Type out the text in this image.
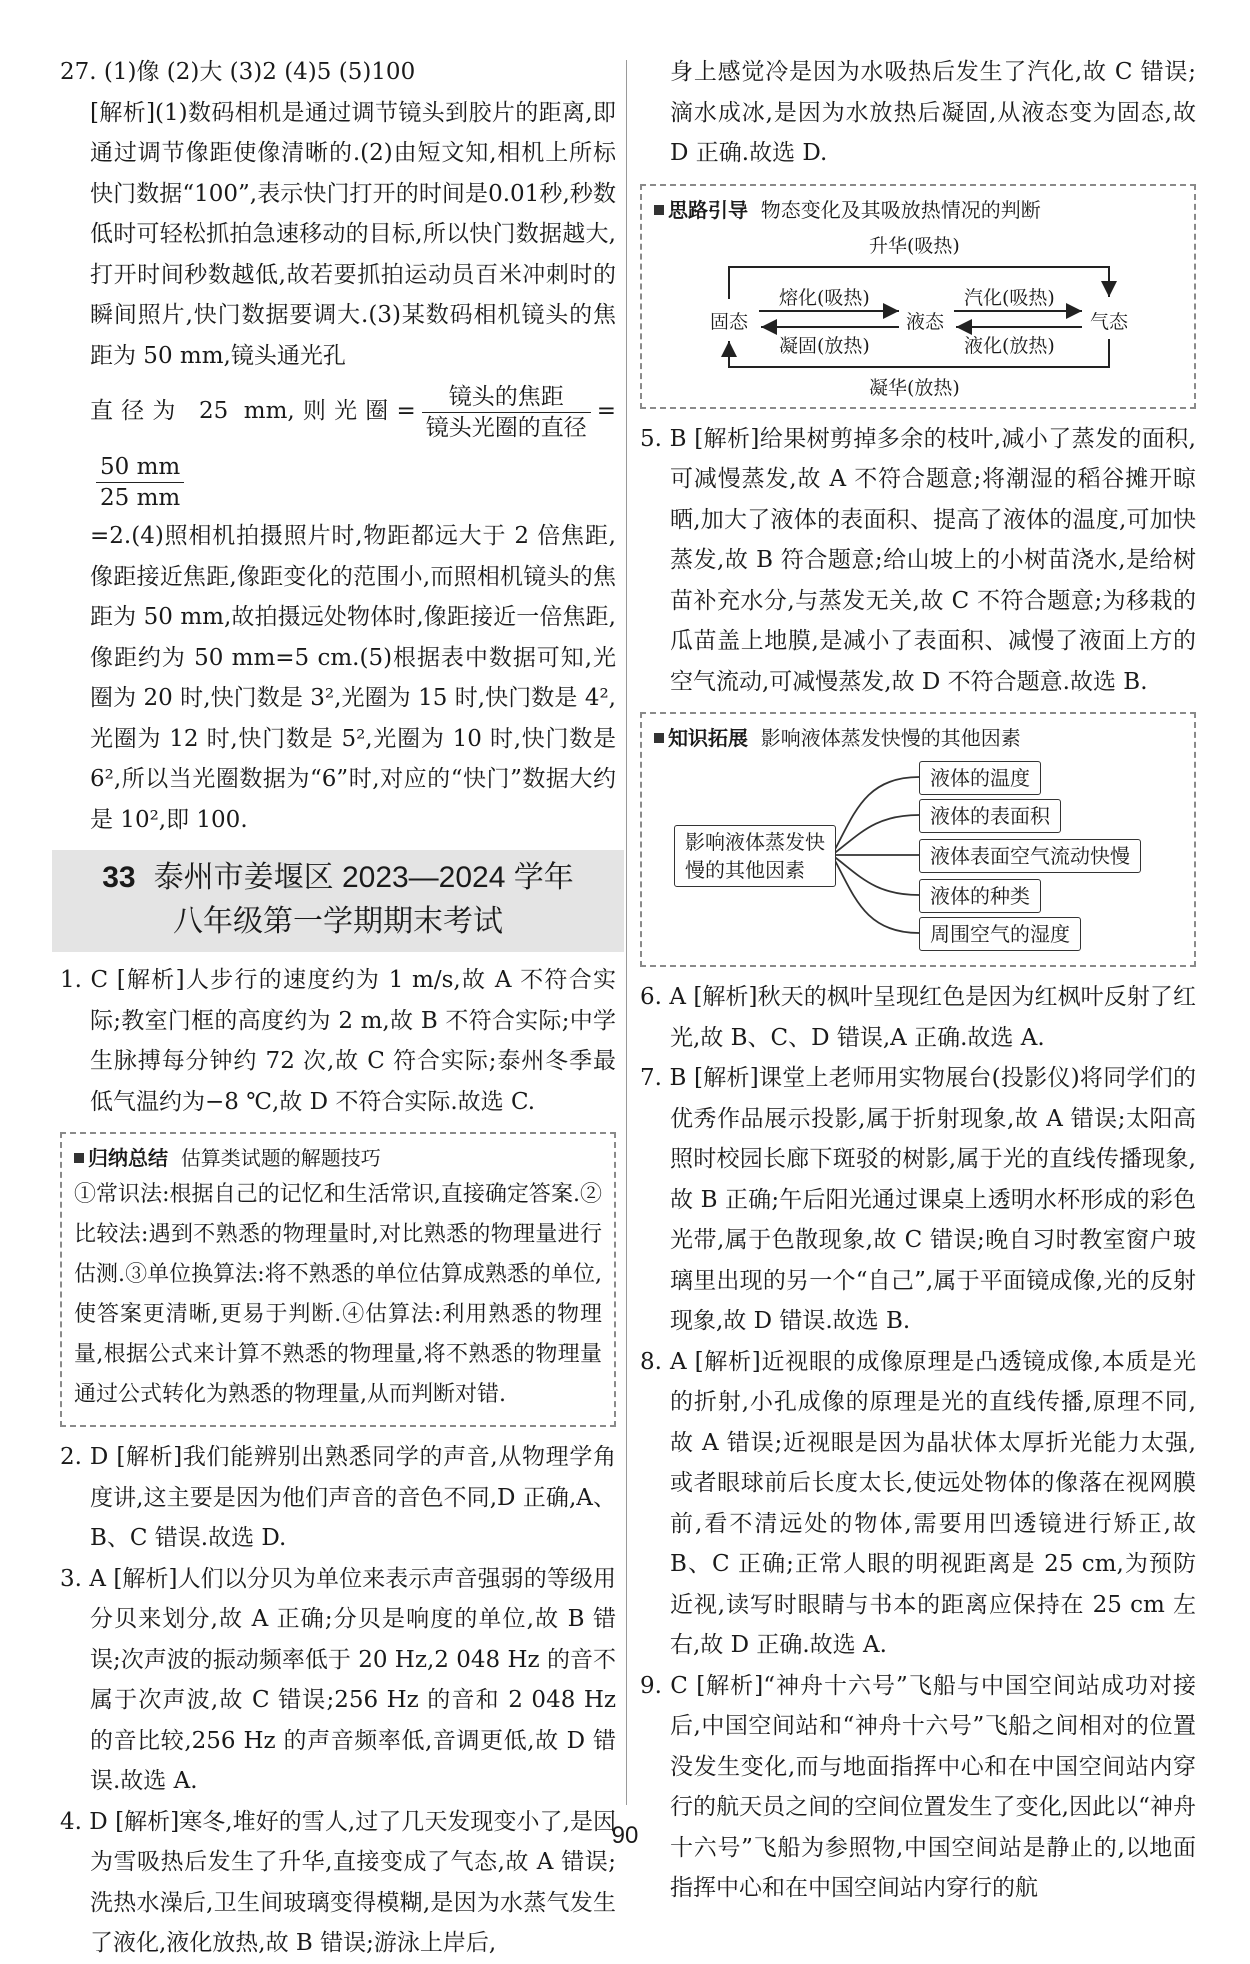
27. (1)像 (2)大 (3)2 (4)5 (5)100

[解析](1)数码相机是通过调节镜头到胶片的距离,即通过调节像距使像清晰的.(2)由短文知,相机上所标快门数据“100”,表示快门打开的时间是0.01秒,秒数低时可轻松抓拍急速移动的目标,所以快门数据越大,打开时间秒数越低,故若要抓拍运动员百米冲刺时的瞬间照片,快门数据要调大.(3)某数码相机镜头的焦距为 50 mm,镜头通光孔

直径为 25 mm,则光圈= $\frac{\text{镜头的焦距}}{\text{镜头光圈的直径}}$ =
$\frac{50 mm}{25 mm}$

=2.(4)照相机拍摄照片时,物距都远大于 2 倍焦距,像距接近焦距,像距变化的范围小,而照相机镜头的焦距为 50 mm,故拍摄远处物体时,像距接近一倍焦距,像距约为 50 mm=5 cm.(5)根据表中数据可知,光圈为 20 时,快门数是 3²,光圈为 15 时,快门数是 4²,光圈为 12 时,快门数是 5²,光圈为 10 时,快门数是 6²,所以当光圈数据为“6”时,对应的“快门”数据大约是 10²,即 100.

33 泰州市姜堰区 2023—2024 学年
八年级第一学期期末考试

1. C [解析]人步行的速度约为 1 m/s,故 A 不符合实际;教室门框的高度约为 2 m,故 B 不符合实际;中学生脉搏每分钟约 72 次,故 C 符合实际;泰州冬季最低气温约为−8 ℃,故 D 不符合实际.故选 C.

归纳总结 估算类试题的解题技巧

①常识法:根据自己的记忆和生活常识,直接确定答案.②比较法:遇到不熟悉的物理量时,对比熟悉的物理量进行估测.③单位换算法:将不熟悉的单位估算成熟悉的单位,使答案更清晰,更易于判断.④估算法:利用熟悉的物理量,根据公式来计算不熟悉的物理量,将不熟悉的物理量通过公式转化为熟悉的物理量,从而判断对错.

2. D [解析]我们能辨别出熟悉同学的声音,从物理学角度讲,这主要是因为他们声音的音色不同,D 正确,A、B、C 错误.故选 D.

3. A [解析]人们以分贝为单位来表示声音强弱的等级用分贝来划分,故 A 正确;分贝是响度的单位,故 B 错误;次声波的振动频率低于 20 Hz,2 048 Hz 的音不属于次声波,故 C 错误;256 Hz 的音和 2 048 Hz 的音比较,256 Hz 的声音频率低,音调更低,故 D 错误.故选 A.

4. D [解析]寒冬,堆好的雪人,过了几天发现变小了,是因为雪吸热后发生了升华,直接变成了气态,故 A 错误;洗热水澡后,卫生间玻璃变得模糊,是因为水蒸气发生了液化,液化放热,故 B 错误;游泳上岸后,

身上感觉冷是因为水吸热后发生了汽化,故 C 错误;滴水成冰,是因为水放热后凝固,从液态变为固态,故 D 正确.故选 D.

思路引导 物态变化及其吸放热情况的判断
升华(吸热)
凝华(放热)
固态	液态	气态
熔化(吸热)
凝固(放热)
汽化(吸热)
液化(放热)

5. B [解析]给果树剪掉多余的枝叶,减小了蒸发的面积,可减慢蒸发,故 A 不符合题意;将潮湿的稻谷摊开晾晒,加大了液体的表面积、提高了液体的温度,可加快蒸发,故 B 符合题意;给山坡上的小树苗浇水,是给树苗补充水分,与蒸发无关,故 C 不符合题意;为移栽的瓜苗盖上地膜,是减小了表面积、减慢了液面上方的空气流动,可减慢蒸发,故 D 不符合题意.故选 B.

知识拓展 影响液体蒸发快慢的其他因素
影响液体蒸发快
慢的其他因素
液体的温度
液体的表面积
液体表面空气流动快慢
液体的种类
周围空气的湿度

6. A [解析]秋天的枫叶呈现红色是因为红枫叶反射了红光,故 B、C、D 错误,A 正确.故选 A.

7. B [解析]课堂上老师用实物展台(投影仪)将同学们的优秀作品展示投影,属于折射现象,故 A 错误;太阳高照时校园长廊下斑驳的树影,属于光的直线传播现象,故 B 正确;午后阳光通过课桌上透明水杯形成的彩色光带,属于色散现象,故 C 错误;晚自习时教室窗户玻璃里出现的另一个“自己”,属于平面镜成像,光的反射现象,故 D 错误.故选 B.

8. A [解析]近视眼的成像原理是凸透镜成像,本质是光的折射,小孔成像的原理是光的直线传播,原理不同,故 A 错误;近视眼是因为晶状体太厚折光能力太强,或者眼球前后长度太长,使远处物体的像落在视网膜前,看不清远处的物体,需要用凹透镜进行矫正,故 B、C 正确;正常人眼的明视距离是 25 cm,为预防近视,读写时眼睛与书本的距离应保持在 25 cm 左右,故 D 正确.故选 A.

9. C [解析]“神舟十六号”飞船与中国空间站成功对接后,中国空间站和“神舟十六号”飞船之间相对的位置没发生变化,而与地面指挥中心和在中国空间站内穿行的航天员之间的空间位置发生了变化,因此以“神舟十六号”飞船为参照物,中国空间站是静止的,以地面指挥中心和在中国空间站内穿行的航

90
